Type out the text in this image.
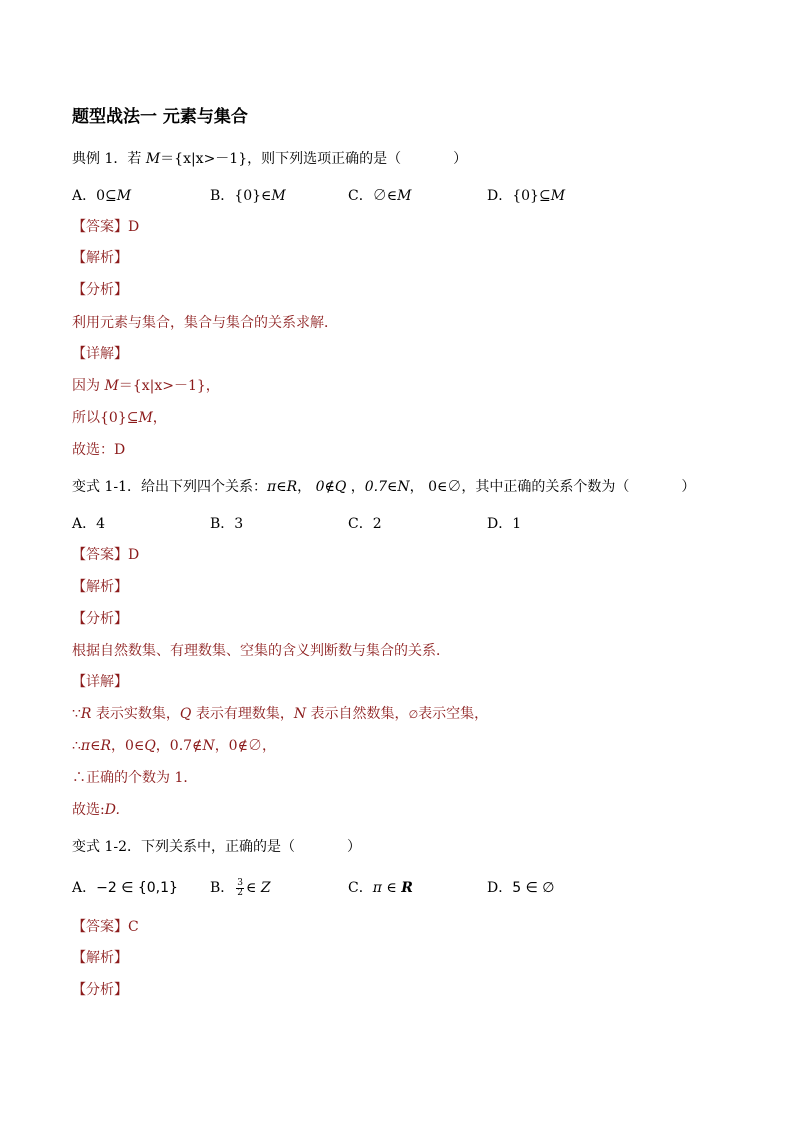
题型战法一 元素与集合
典例 1．若 M＝{x|x>－1}，则下列选项正确的是（	）
A．0⊆M	B．{0}∈M	C．∅∈M	D．{0}⊆M
【答案】D
【解析】
【分析】
利用元素与集合，集合与集合的关系求解．
【详解】
因为 M＝{x|x>－1}，
所以{0}⊆M，
故选：D
变式 1-1．给出下列四个关系：π∈R， 0∉Q ，0.7∈N， 0∈∅，其中正确的关系个数为（	）
A．4	B．3	C．2	D．1
【答案】D
【解析】
【分析】
根据自然数集、有理数集、空集的含义判断数与集合的关系．
【详解】
∵R 表示实数集，Q 表示有理数集，N 表示自然数集，∅表示空集，
∴π∈R，0∈Q，0.7∉N，0∉∅，
∴正确的个数为 1．
故选:D.
变式 1-2．下列关系中，正确的是（	）
A．−2 ∈ {0,1} B． $\frac{3}{2}$ ∈ Z	C．π ∈ R	D．5 ∈ ∅
【答案】C
【解析】
【分析】
